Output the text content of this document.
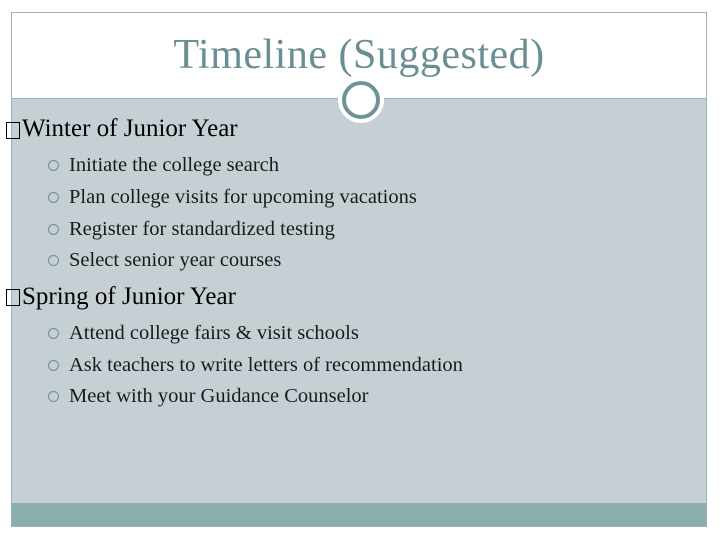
Timeline (Suggested)
Winter of Junior Year
Initiate the college search
Plan college visits for upcoming vacations
Register for standardized testing
Select senior year courses
Spring of Junior Year
Attend college fairs & visit schools
Ask teachers to write letters of recommendation
Meet with your Guidance Counselor
